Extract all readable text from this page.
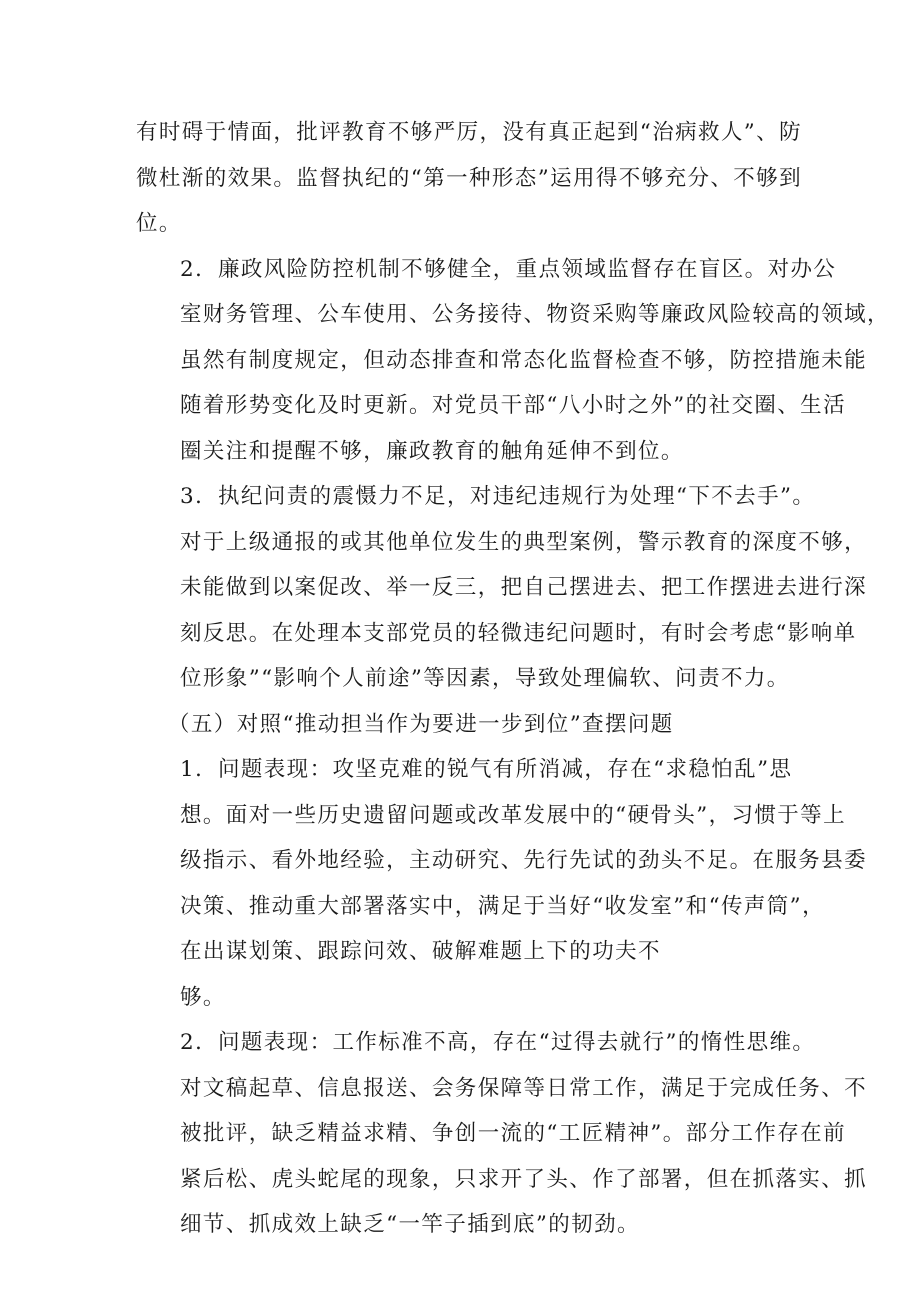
有时碍于情面，批评教育不够严厉，没有真正起到“治病救人”、防
微杜渐的效果。监督执纪的“第一种形态”运用得不够充分、不够到
位。

2．廉政风险防控机制不够健全，重点领域监督存在盲区。对办公
室财务管理、公车使用、公务接待、物资采购等廉政风险较高的领域，
虽然有制度规定，但动态排查和常态化监督检查不够，防控措施未能
随着形势变化及时更新。对党员干部“八小时之外”的社交圈、生活
圈关注和提醒不够，廉政教育的触角延伸不到位。

3．执纪问责的震慑力不足，对违纪违规行为处理“下不去手”。
对于上级通报的或其他单位发生的典型案例，警示教育的深度不够，
未能做到以案促改、举一反三，把自己摆进去、把工作摆进去进行深
刻反思。在处理本支部党员的轻微违纪问题时，有时会考虑“影响单
位形象”“影响个人前途”等因素，导致处理偏软、问责不力。

（五）对照“推动担当作为要进一步到位”查摆问题

1．问题表现：攻坚克难的锐气有所消减，存在“求稳怕乱”思
想。面对一些历史遗留问题或改革发展中的“硬骨头”，习惯于等上
级指示、看外地经验，主动研究、先行先试的劲头不足。在服务县委
决策、推动重大部署落实中，满足于当好“收发室”和“传声筒”，
在出谋划策、跟踪问效、破解难题上下的功夫不
够。

2．问题表现：工作标准不高，存在“过得去就行”的惰性思维。
对文稿起草、信息报送、会务保障等日常工作，满足于完成任务、不
被批评，缺乏精益求精、争创一流的“工匠精神”。部分工作存在前
紧后松、虎头蛇尾的现象，只求开了头、作了部署，但在抓落实、抓
细节、抓成效上缺乏“一竿子插到底”的韧劲。
